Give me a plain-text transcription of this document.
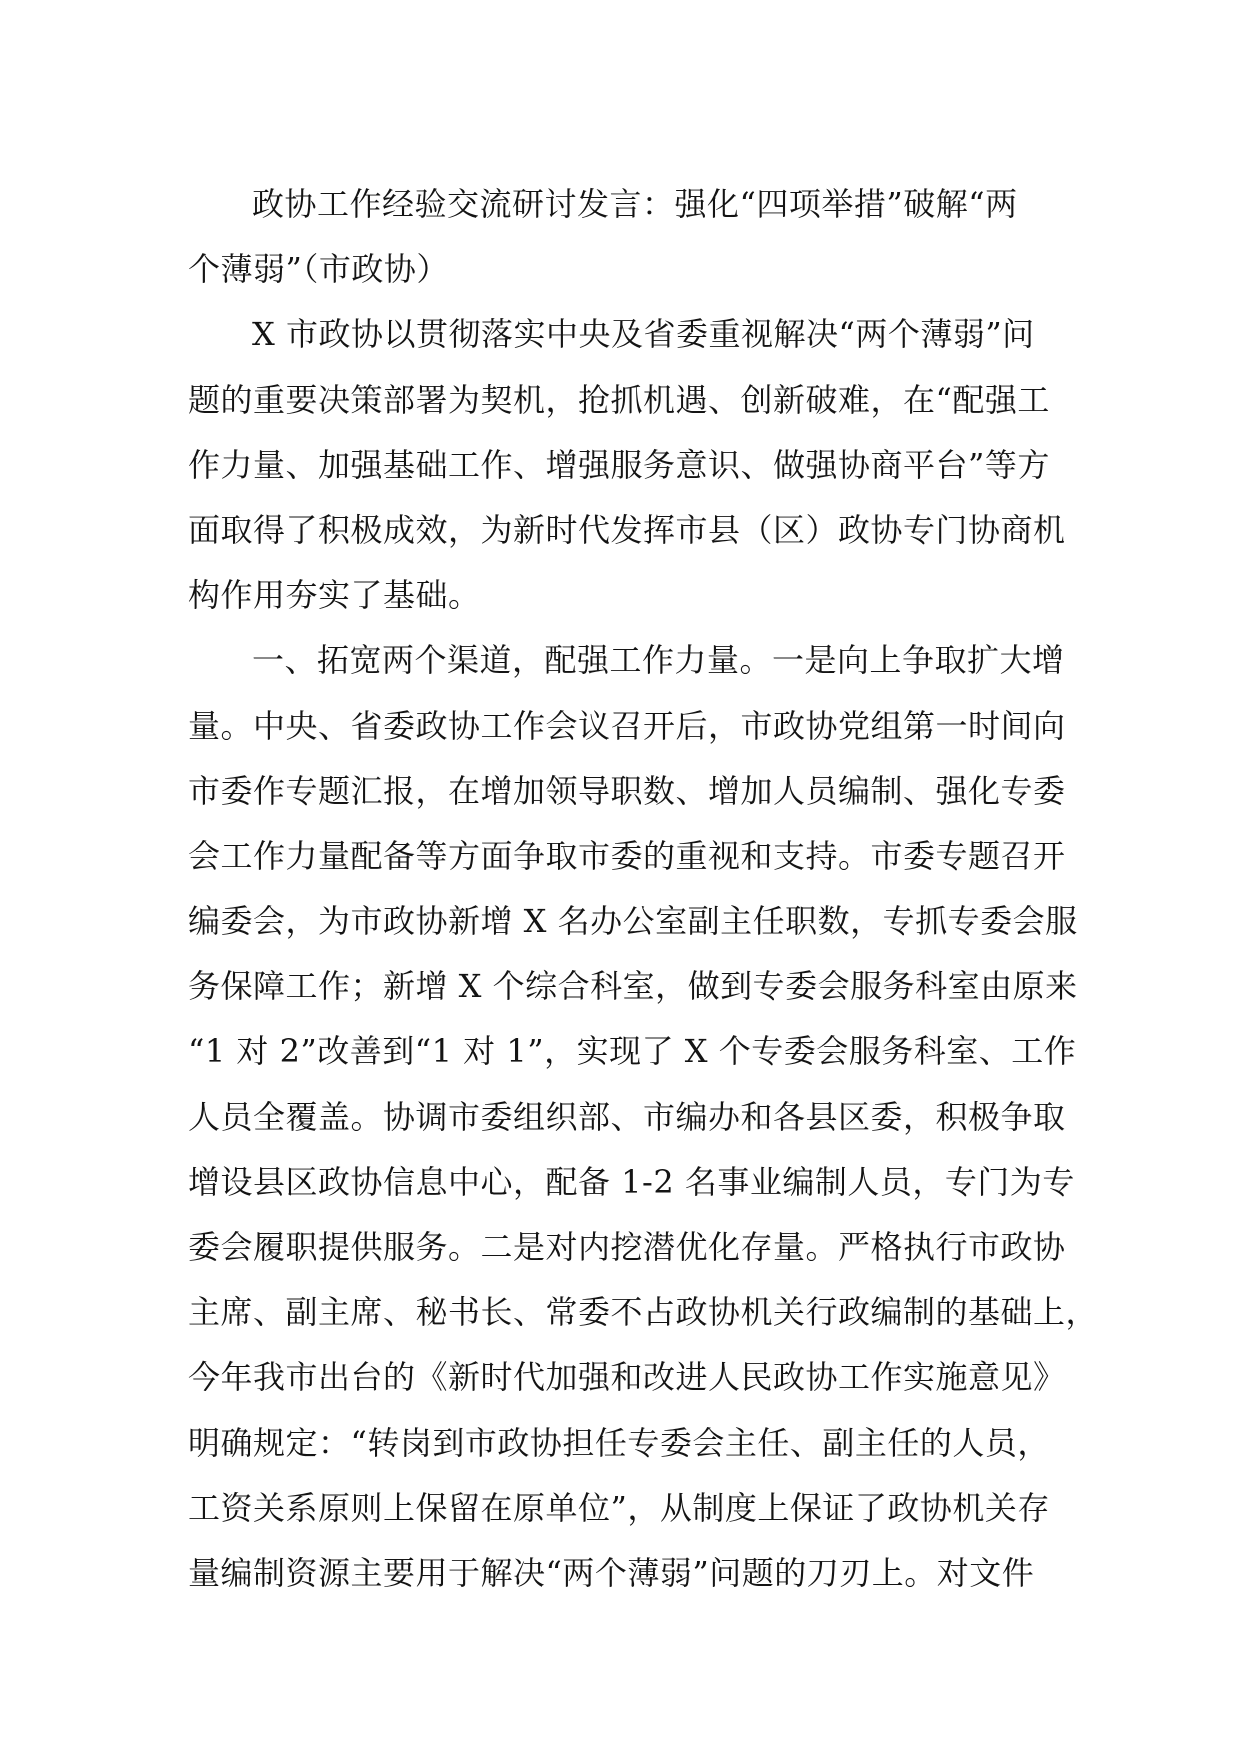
政协工作经验交流研讨发言：强化“四项举措”破解“两
个薄弱”（市政协）
X 市政协以贯彻落实中央及省委重视解决“两个薄弱”问
题的重要决策部署为契机，抢抓机遇、创新破难，在“配强工
作力量、加强基础工作、增强服务意识、做强协商平台”等方
面取得了积极成效，为新时代发挥市县（区）政协专门协商机
构作用夯实了基础。
一、拓宽两个渠道，配强工作力量。一是向上争取扩大增
量。中央、省委政协工作会议召开后，市政协党组第一时间向
市委作专题汇报，在增加领导职数、增加人员编制、强化专委
会工作力量配备等方面争取市委的重视和支持。市委专题召开
编委会，为市政协新增 X 名办公室副主任职数，专抓专委会服
务保障工作；新增 X 个综合科室，做到专委会服务科室由原来
“1 对 2”改善到“1 对 1”，实现了 X 个专委会服务科室、工作
人员全覆盖。协调市委组织部、市编办和各县区委，积极争取
增设县区政协信息中心，配备 1-2 名事业编制人员，专门为专
委会履职提供服务。二是对内挖潜优化存量。严格执行市政协
主席、副主席、秘书长、常委不占政协机关行政编制的基础上，
今年我市出台的《新时代加强和改进人民政协工作实施意见》
明确规定：“转岗到市政协担任专委会主任、副主任的人员，
工资关系原则上保留在原单位”，从制度上保证了政协机关存
量编制资源主要用于解决“两个薄弱”问题的刀刃上。对文件
